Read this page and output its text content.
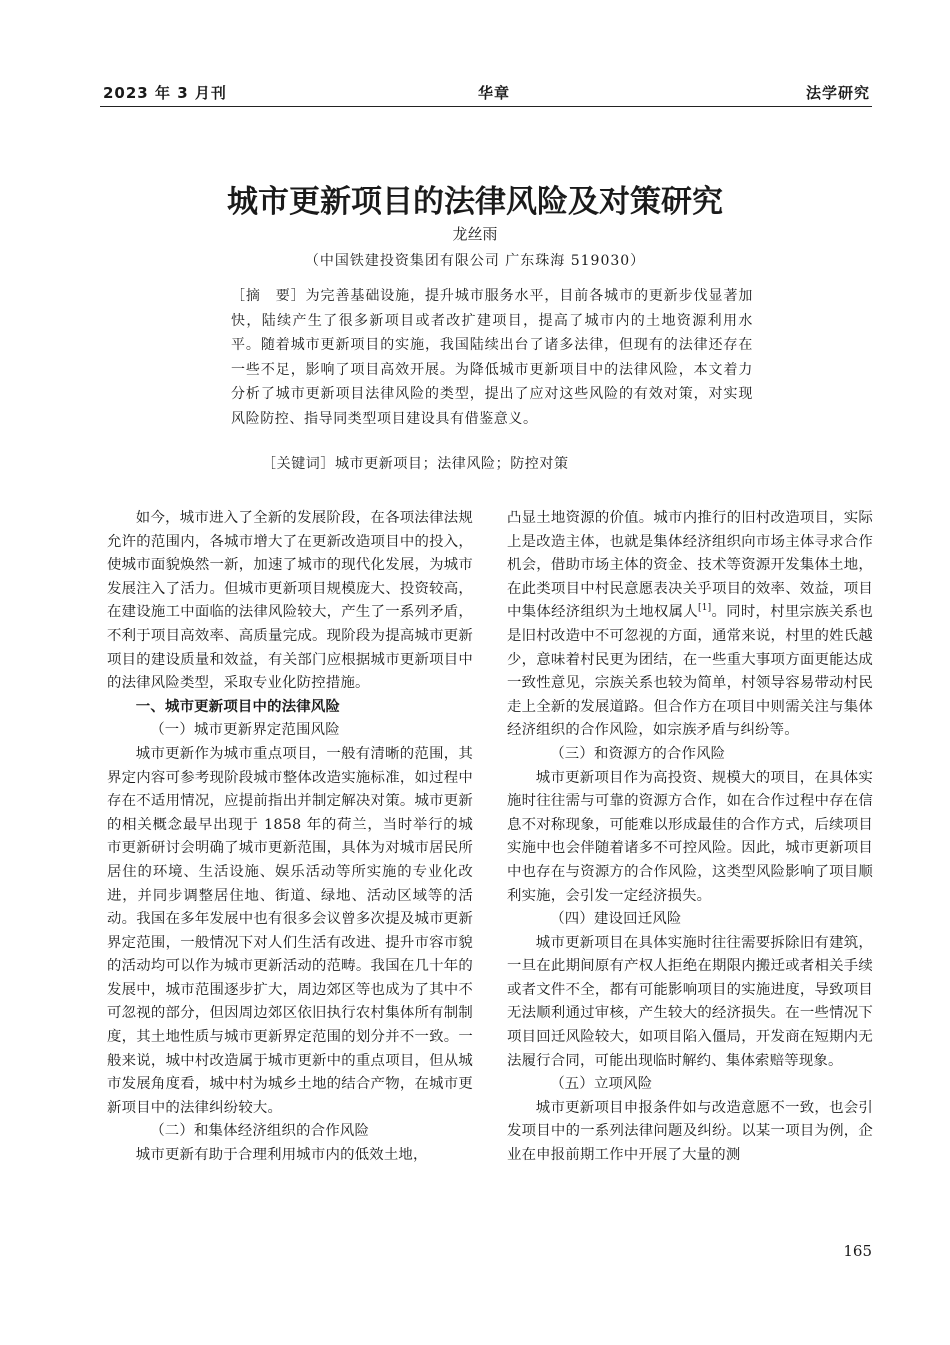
2023 年 3 月刊	华章	法学研究
城市更新项目的法律风险及对策研究
龙丝雨
（中国铁建投资集团有限公司 广东珠海 519030）
［摘　要］为完善基础设施，提升城市服务水平，目前各城市的更新步伐显著加快，陆续产生了很多新项目或者改扩建项目，提高了城市内的土地资源利用水平。随着城市更新项目的实施，我国陆续出台了诸多法律，但现有的法律还存在一些不足，影响了项目高效开展。为降低城市更新项目中的法律风险，本文着力分析了城市更新项目法律风险的类型，提出了应对这些风险的有效对策，对实现风险防控、指导同类型项目建设具有借鉴意义。
［关键词］城市更新项目；法律风险；防控对策

如今，城市进入了全新的发展阶段，在各项法律法规允许的范围内，各城市增大了在更新改造项目中的投入，使城市面貌焕然一新，加速了城市的现代化发展，为城市发展注入了活力。但城市更新项目规模庞大、投资较高，在建设施工中面临的法律风险较大，产生了一系列矛盾，不利于项目高效率、高质量完成。现阶段为提高城市更新项目的建设质量和效益，有关部门应根据城市更新项目中的法律风险类型，采取专业化防控措施。

一、城市更新项目中的法律风险
（一）城市更新界定范围风险

城市更新作为城市重点项目，一般有清晰的范围，其界定内容可参考现阶段城市整体改造实施标准，如过程中存在不适用情况，应提前指出并制定解决对策。城市更新的相关概念最早出现于 1858 年的荷兰，当时举行的城市更新研讨会明确了城市更新范围，具体为对城市居民所居住的环境、生活设施、娱乐活动等所实施的专业化改进，并同步调整居住地、街道、绿地、活动区域等的活动。我国在多年发展中也有很多会议曾多次提及城市更新界定范围，一般情况下对人们生活有改进、提升市容市貌的活动均可以作为城市更新活动的范畴。我国在几十年的发展中，城市范围逐步扩大，周边郊区等也成为了其中不可忽视的部分，但因周边郊区依旧执行农村集体所有制制度，其土地性质与城市更新界定范围的划分并不一致。一般来说，城中村改造属于城市更新中的重点项目，但从城市发展角度看，城中村为城乡土地的结合产物，在城市更新项目中的法律纠纷较大。

（二）和集体经济组织的合作风险

城市更新有助于合理利用城市内的低效土地，

凸显土地资源的价值。城市内推行的旧村改造项目，实际上是改造主体，也就是集体经济组织向市场主体寻求合作机会，借助市场主体的资金、技术等资源开发集体土地，在此类项目中村民意愿表决关乎项目的效率、效益，项目中集体经济组织为土地权属人[1]。同时，村里宗族关系也是旧村改造中不可忽视的方面，通常来说，村里的姓氏越少，意味着村民更为团结，在一些重大事项方面更能达成一致性意见，宗族关系也较为简单，村领导容易带动村民走上全新的发展道路。但合作方在项目中则需关注与集体经济组织的合作风险，如宗族矛盾与纠纷等。

（三）和资源方的合作风险

城市更新项目作为高投资、规模大的项目，在具体实施时往往需与可靠的资源方合作，如在合作过程中存在信息不对称现象，可能难以形成最佳的合作方式，后续项目实施中也会伴随着诸多不可控风险。因此，城市更新项目中也存在与资源方的合作风险，这类型风险影响了项目顺利实施，会引发一定经济损失。

（四）建设回迁风险

城市更新项目在具体实施时往往需要拆除旧有建筑，一旦在此期间原有产权人拒绝在期限内搬迁或者相关手续或者文件不全，都有可能影响项目的实施进度，导致项目无法顺利通过审核，产生较大的经济损失。在一些情况下项目回迁风险较大，如项目陷入僵局，开发商在短期内无法履行合同，可能出现临时解约、集体索赔等现象。

（五）立项风险

城市更新项目申报条件如与改造意愿不一致，也会引发项目中的一系列法律问题及纠纷。以某一项目为例，企业在申报前期工作中开展了大量的测

165
